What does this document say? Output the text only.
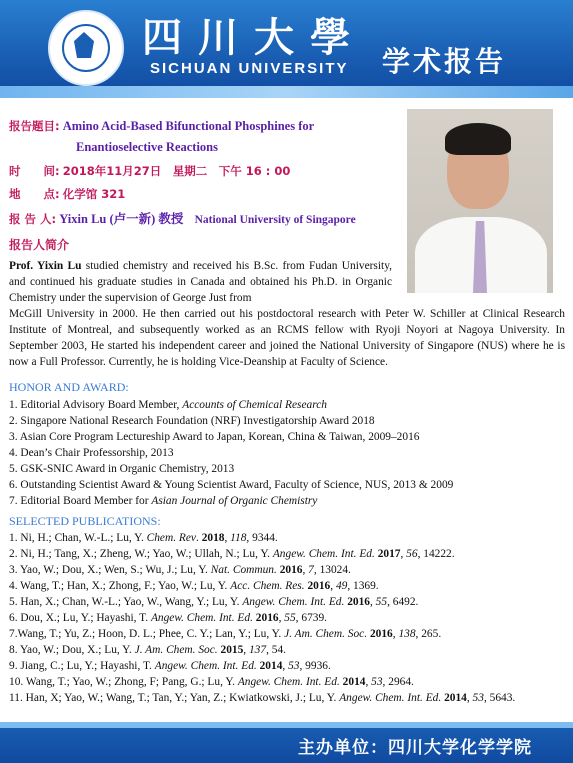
四川大學
SICHUAN UNIVERSITY 学术报告
报告题目: Amino Acid-Based Bifunctional Phosphines for
Enantioselective Reactions
时　　间: 2018年11月27日　星期二　下午 16 : 00
地　　点: 化学馆 321
报 告 人: Yixin Lu (卢一新) 教授 National University of Singapore
报告人简介
Prof. Yixin Lu studied chemistry and received his B.Sc. from Fudan University, and continued his graduate studies in Canada and obtained his Ph.D. in Organic Chemistry under the supervision of George Just from
McGill University in 2000. He then carried out his postdoctoral research with Peter W. Schiller at Clinical Research Institute of Montreal, and subsequently worked as an RCMS fellow with Ryoji Noyori at Nagoya University. In September 2003, He started his independent career and joined the National University of Singapore (NUS) where he is now a Full Professor. Currently, he is holding Vice-Deanship at Faculty of Science.
HONOR AND AWARD:
1. Editorial Advisory Board Member, Accounts of Chemical Research
2. Singapore National Research Foundation (NRF) Investigatorship Award 2018
3. Asian Core Program Lectureship Award to Japan, Korean, China & Taiwan, 2009–2016
4. Dean’s Chair Professorship, 2013
5. GSK-SNIC Award in Organic Chemistry, 2013
6. Outstanding Scientist Award & Young Scientist Award, Faculty of Science, NUS, 2013 & 2009
7. Editorial Board Member for Asian Journal of Organic Chemistry
SELECTED PUBLICATIONS:
1. Ni, H.; Chan, W.-L.; Lu, Y. Chem. Rev. 2018, 118, 9344.
2. Ni, H.; Tang, X.; Zheng, W.; Yao, W.; Ullah, N.; Lu, Y. Angew. Chem. Int. Ed. 2017, 56, 14222.
3. Yao, W.; Dou, X.; Wen, S.; Wu, J.; Lu, Y. Nat. Commun. 2016, 7, 13024.
4. Wang, T.; Han, X.; Zhong, F.; Yao, W.; Lu, Y. Acc. Chem. Res. 2016, 49, 1369.
5. Han, X.; Chan, W.-L.; Yao, W., Wang, Y.; Lu, Y. Angew. Chem. Int. Ed. 2016, 55, 6492.
6. Dou, X.; Lu, Y.; Hayashi, T. Angew. Chem. Int. Ed. 2016, 55, 6739.
7.Wang, T.; Yu, Z.; Hoon, D. L.; Phee, C. Y.; Lan, Y.; Lu, Y. J. Am. Chem. Soc. 2016, 138, 265.
8. Yao, W.; Dou, X.; Lu, Y. J. Am. Chem. Soc. 2015, 137, 54.
9. Jiang, C.; Lu, Y.; Hayashi, T. Angew. Chem. Int. Ed. 2014, 53, 9936.
10. Wang, T.; Yao, W.; Zhong, F; Pang, G.; Lu, Y. Angew. Chem. Int. Ed. 2014, 53, 2964.
11. Han, X; Yao, W.; Wang, T.; Tan, Y.; Yan, Z.; Kwiatkowski, J.; Lu, Y. Angew. Chem. Int. Ed. 2014, 53, 5643.
主办单位：四川大学化学学院
